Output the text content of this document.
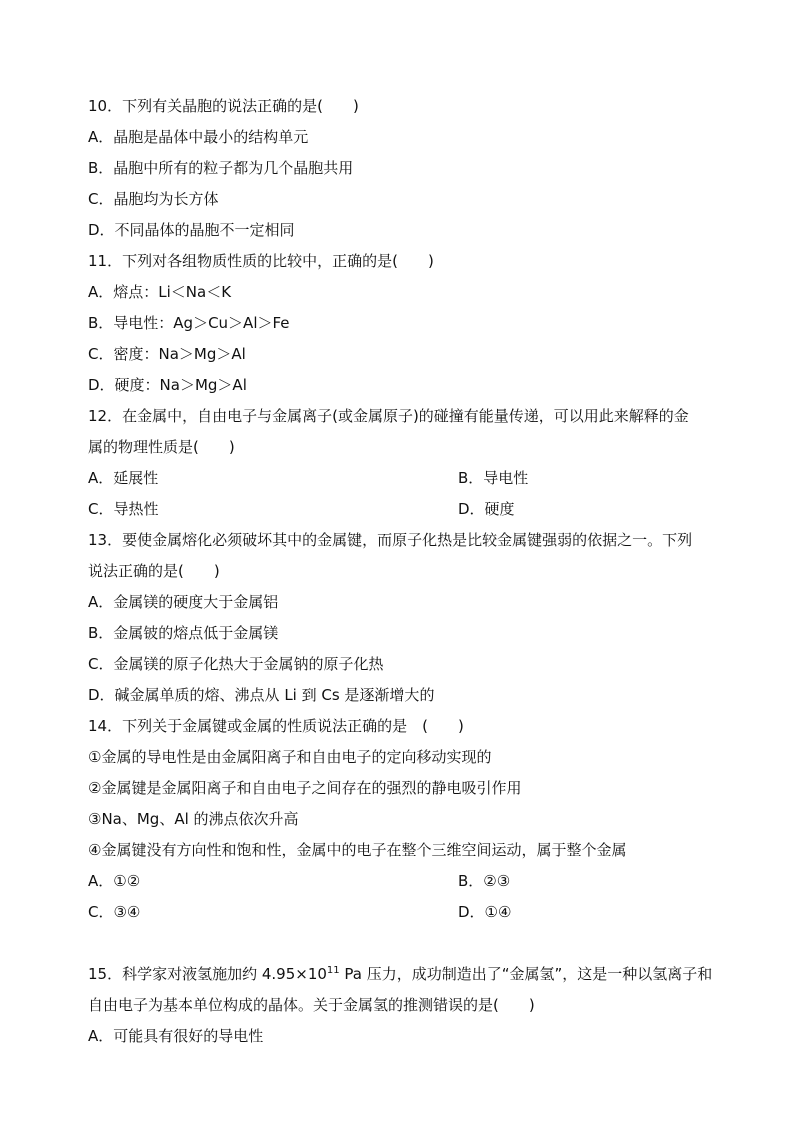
10．下列有关晶胞的说法正确的是(　　)
A．晶胞是晶体中最小的结构单元
B．晶胞中所有的粒子都为几个晶胞共用
C．晶胞均为长方体
D．不同晶体的晶胞不一定相同
11．下列对各组物质性质的比较中，正确的是(　　)
A．熔点：Li＜Na＜K
B．导电性：Ag＞Cu＞Al＞Fe
C．密度：Na＞Mg＞Al
D．硬度：Na＞Mg＞Al
12．在金属中，自由电子与金属离子(或金属原子)的碰撞有能量传递，可以用此来解释的金
属的物理性质是(　　)
A．延展性	B．导电性
C．导热性	D．硬度
13．要使金属熔化必须破坏其中的金属键，而原子化热是比较金属键强弱的依据之一。下列
说法正确的是(　　)
A．金属镁的硬度大于金属铝
B．金属铍的熔点低于金属镁
C．金属镁的原子化热大于金属钠的原子化热
D．碱金属单质的熔、沸点从 Li 到 Cs 是逐渐增大的
14．下列关于金属键或金属的性质说法正确的是　(　　)
①金属的导电性是由金属阳离子和自由电子的定向移动实现的
②金属键是金属阳离子和自由电子之间存在的强烈的静电吸引作用
③Na、Mg、Al 的沸点依次升高
④金属键没有方向性和饱和性，金属中的电子在整个三维空间运动，属于整个金属
A．①②	B．②③
C．③④	D．①④
15．科学家对液氢施加约 $4.95\times 10^{11}$ Pa 压力，成功制造出了“金属氢”，这是一种以氢离子和
自由电子为基本单位构成的晶体。关于金属氢的推测错误的是(　　)
A．可能具有很好的导电性
